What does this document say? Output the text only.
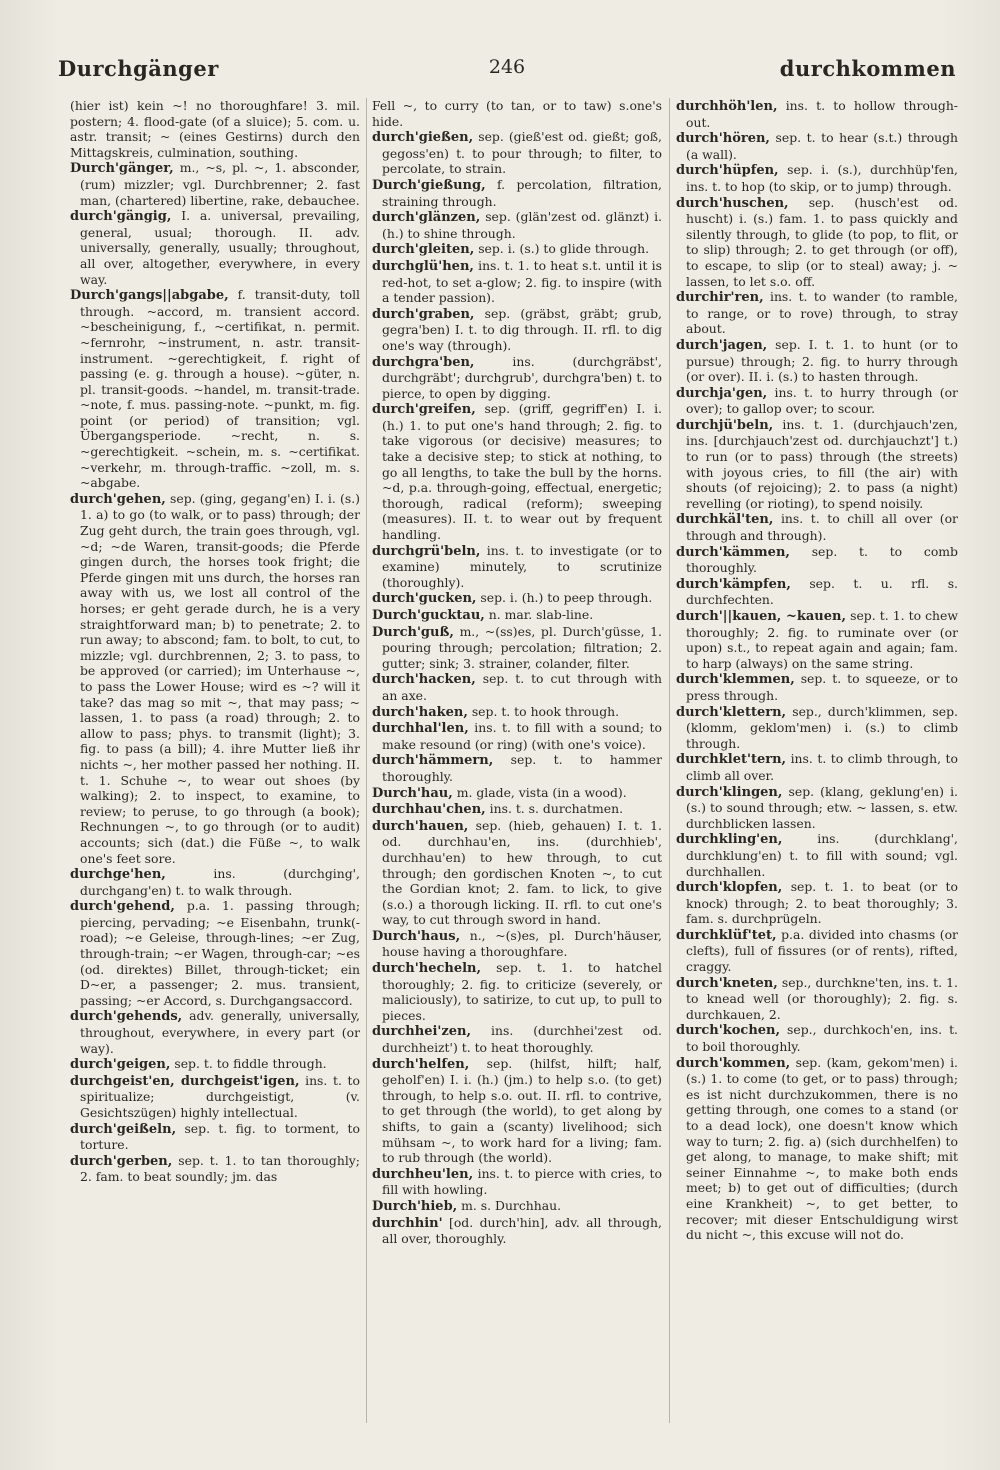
Durchgänger	246	durchkommen
(hier ist) kein ~! no thoroughfare! 3. mil. postern; 4. flood-gate (of a sluice); 5. com. u. astr. transit; ~ (eines Gestirns) durch den Mittagskreis, culmination, southing.
Durch'gänger, m., ~s, pl. ~, 1. absconder, (rum) mizzler; vgl. Durchbrenner; 2. fast man, (chartered) libertine, rake, debauchee.
durch'gängig, I. a. universal, prevailing, general, usual; thorough. II. adv. universally, generally, usually; throughout, all over, altogether, everywhere, in every way.
Durch'gangs||abgabe, f. transit-duty, toll through. ~accord, m. transient accord. ~bescheinigung, f., ~certifikat, n. permit. ~fernrohr, ~instrument, n. astr. transit-instrument. ~gerechtigkeit, f. right of passing (e. g. through a house). ~güter, n. pl. transit-goods. ~handel, m. transit-trade. ~note, f. mus. passing-note. ~punkt, m. fig. point (or period) of transition; vgl. Übergangsperiode. ~recht, n. s. ~gerechtigkeit. ~schein, m. s. ~certifikat. ~verkehr, m. through-traffic. ~zoll, m. s. ~abgabe.
durch'gehen, sep. (ging, gegang'en) I. i. (s.) 1. a) to go (to walk, or to pass) through; der Zug geht durch, the train goes through, vgl. ~d; ~de Waren, transit-goods; die Pferde gingen durch, the horses took fright; die Pferde gingen mit uns durch, the horses ran away with us, we lost all control of the horses; er geht gerade durch, he is a very straightforward man; b) to penetrate; 2. to run away; to abscond; fam. to bolt, to cut, to mizzle; vgl. durchbrennen, 2; 3. to pass, to be approved (or carried); im Unterhause ~, to pass the Lower House; wird es ~? will it take? das mag so mit ~, that may pass; ~ lassen, 1. to pass (a road) through; 2. to allow to pass; phys. to transmit (light); 3. fig. to pass (a bill); 4. ihre Mutter ließ ihr nichts ~, her mother passed her nothing. II. t. 1. Schuhe ~, to wear out shoes (by walking); 2. to inspect, to examine, to review; to peruse, to go through (a book); Rechnungen ~, to go through (or to audit) accounts; sich (dat.) die Füße ~, to walk one's feet sore.
durchge'hen,	ins. (durchging', durchgang'en) t. to walk through.
durch'gehend, p.a. 1. passing through; piercing, pervading; ~e Eisenbahn, trunk(-road); ~e Geleise, through-lines; ~er Zug, through-train; ~er Wagen, through-car; ~es (od. direktes) Billet, through-ticket; ein D~er, a passenger; 2. mus. transient, passing; ~er Accord, s. Durchgangsaccord.
durch'gehends, adv. generally, universally, throughout, everywhere, in every part (or way).
durch'geigen, sep. t. to fiddle through.
durchgeist'en, durchgeist'igen, ins. t. to spiritualize; durchgeistigt, (v. Gesichtszügen) highly intellectual.
durch'geißeln, sep. t. fig. to torment, to torture.
durch'gerben, sep. t. 1. to tan thoroughly; 2. fam. to beat soundly; jm. das
Fell ~, to curry (to tan, or to taw) s.one's hide.
durch'gießen, sep. (gieß'est od. gießt; goß, gegoss'en) t. to pour through; to filter, to percolate, to strain.
Durch'gießung, f. percolation, filtration, straining through.
durch'glänzen, sep. (glän'zest od. glänzt) i. (h.) to shine through.
durch'gleiten, sep. i. (s.) to glide through.
durchglü'hen, ins. t. 1. to heat s.t. until it is red-hot, to set a-glow; 2. fig. to inspire (with a tender passion).
durch'graben, sep. (gräbst, gräbt; grub, gegra'ben) I. t. to dig through. II. rfl. to dig one's way (through).
durchgra'ben,	ins. (durchgräbst', durchgräbt'; durchgrub', durchgra'ben) t. to pierce, to open by digging.
durch'greifen, sep. (griff, gegriff'en) I. i. (h.) 1. to put one's hand through; 2. fig. to take vigorous (or decisive) measures; to take a decisive step; to stick at nothing, to go all lengths, to take the bull by the horns. ~d, p.a. through-going, effectual, energetic; thorough, radical (reform); sweeping (measures). II. t. to wear out by frequent handling.
durchgrü'beln, ins. t. to investigate (or to examine) minutely, to scrutinize (thoroughly).
durch'gucken, sep. i. (h.) to peep through.
Durch'gucktau, n. mar. slab-line.
Durch'guß, m., ~(ss)es, pl. Durch'güsse, 1. pouring through; percolation; filtration; 2. gutter; sink; 3. strainer, colander, filter.
durch'hacken, sep. t. to cut through with an axe.
durch'haken, sep. t. to hook through.
durchhal'len, ins. t. to fill with a sound; to make resound (or ring) (with one's voice).
durch'hämmern, sep. t. to hammer thoroughly.
Durch'hau, m. glade, vista (in a wood).
durchhau'chen, ins. t. s. durchatmen.
durch'hauen, sep. (hieb, gehauen) I. t. 1. od. durchhau'en, ins. (durchhieb', durchhau'en) to hew through, to cut through; den gordischen Knoten ~, to cut the Gordian knot; 2. fam. to lick, to give (s.o.) a thorough licking. II. rfl. to cut one's way, to cut through sword in hand.
Durch'haus, n., ~(s)es, pl. Durch'häuser, house having a thoroughfare.
durch'hecheln, sep. t. 1. to hatchel thoroughly; 2. fig. to criticize (severely, or maliciously), to satirize, to cut up, to pull to pieces.
durchhei'zen, ins. (durchhei'zest od. durchheizt') t. to heat thoroughly.
durch'helfen, sep. (hilfst, hilft; half, geholf'en) I. i. (h.) (jm.) to help s.o. (to get) through, to help s.o. out. II. rfl. to contrive, to get through (the world), to get along by shifts, to gain a (scanty) livelihood; sich mühsam ~, to work hard for a living; fam. to rub through (the world).
durchheu'len, ins. t. to pierce with cries, to fill with howling.
Durch'hieb, m. s. Durchhau.
durchhin' [od. durch'hin], adv. all through, all over, thoroughly.
durchhöh'len, ins. t. to hollow through-out.
durch'hören, sep. t. to hear (s.t.) through (a wall).
durch'hüpfen, sep. i. (s.), durchhüp'fen, ins. t. to hop (to skip, or to jump) through.
durch'huschen, sep. (husch'est od. huscht) i. (s.) fam. 1. to pass quickly and silently through, to glide (to pop, to flit, or to slip) through; 2. to get through (or off), to escape, to slip (or to steal) away; j. ~ lassen, to let s.o. off.
durchir'ren, ins. t. to wander (to ramble, to range, or to rove) through, to stray about.
durch'jagen, sep. I. t. 1. to hunt (or to pursue) through; 2. fig. to hurry through (or over). II. i. (s.) to hasten through.
durchja'gen, ins. t. to hurry through (or over); to gallop over; to scour.
durchjü'beln, ins. t. 1. (durchjauch'zen, ins. [durchjauch'zest od. durchjauchzt'] t.) to run (or to pass) through (the streets) with joyous cries, to fill (the air) with shouts (of rejoicing); 2. to pass (a night) revelling (or rioting), to spend noisily.
durchkäl'ten, ins. t. to chill all over (or through and through).
durch'kämmen, sep. t. to comb thoroughly.
durch'kämpfen, sep. t. u. rfl. s. durchfechten.
durch'||kauen, ~kauen, sep. t. 1. to chew thoroughly; 2. fig. to ruminate over (or upon) s.t., to repeat again and again; fam. to harp (always) on the same string.
durch'klemmen, sep. t. to squeeze, or to press through.
durch'klettern, sep., durch'klimmen, sep. (klomm, geklom'men) i. (s.) to climb through.
durchklet'tern, ins. t. to climb through, to climb all over.
durch'klingen, sep. (klang, geklung'en) i. (s.) to sound through; etw. ~ lassen, s. etw. durchblicken lassen.
durchkling'en,	ins. (durchklang', durchklung'en) t. to fill with sound; vgl. durchhallen.
durch'klopfen, sep. t. 1. to beat (or to knock) through; 2. to beat thoroughly; 3. fam. s. durchprügeln.
durchklüf'tet, p.a. divided into chasms (or clefts), full of fissures (or of rents), rifted, craggy.
durch'kneten, sep., durchkne'ten, ins. t. 1. to knead well (or thoroughly); 2. fig. s. durchkauen, 2.
durch'kochen, sep., durchkoch'en, ins. t. to boil thoroughly.
durch'kommen, sep. (kam, gekom'men) i. (s.) 1. to come (to get, or to pass) through; es ist nicht durchzukommen, there is no getting through, one comes to a stand (or to a dead lock), one doesn't know which way to turn; 2. fig. a) (sich durchhelfen) to get along, to manage, to make shift; mit seiner Einnahme ~, to make both ends meet; b) to get out of difficulties; (durch eine Krankheit) ~, to get better, to recover; mit dieser Entschuldigung wirst du nicht ~, this excuse will not do.
